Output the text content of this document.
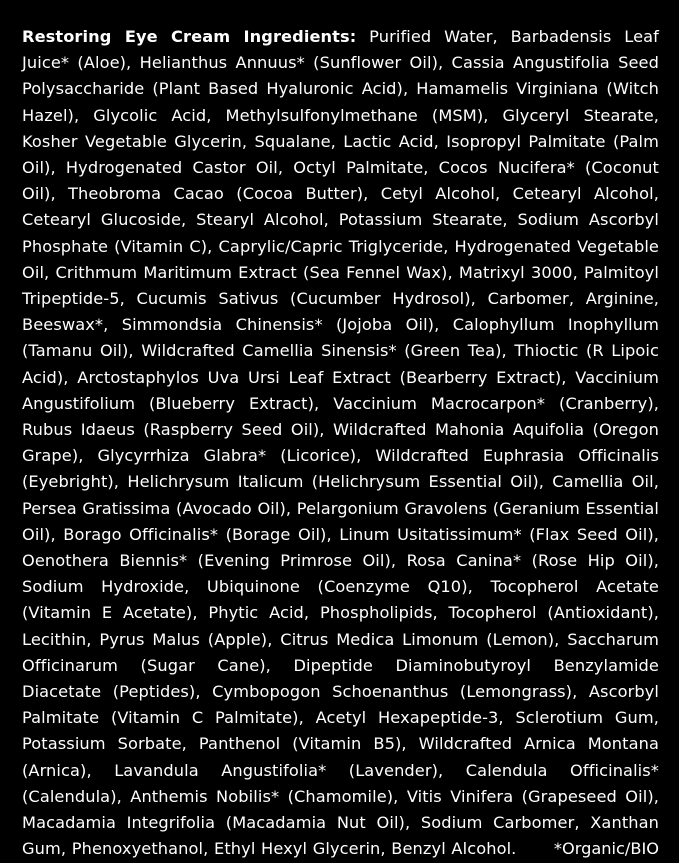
Restoring Eye Cream Ingredients: Purified Water, Barbadensis Leaf Juice* (Aloe), Helianthus Annuus* (Sunflower Oil), Cassia Angustifolia Seed Polysaccharide (Plant Based Hyaluronic Acid), Hamamelis Virginiana (Witch Hazel), Glycolic Acid, Methylsulfonylmethane (MSM), Glyceryl Stearate, Kosher Vegetable Glycerin, Squalane, Lactic Acid, Isopropyl Palmitate (Palm Oil), Hydrogenated Castor Oil, Octyl Palmitate, Cocos Nucifera* (Coconut Oil), Theobroma Cacao (Cocoa Butter), Cetyl Alcohol, Cetearyl Alcohol, Cetearyl Glucoside, Stearyl Alcohol, Potassium Stearate, Sodium Ascorbyl Phosphate (Vitamin C), Caprylic/Capric Triglyceride, Hydrogenated Vegetable Oil, Crithmum Maritimum Extract (Sea Fennel Wax), Matrixyl 3000, Palmitoyl Tripeptide-5, Cucumis Sativus (Cucumber Hydrosol), Carbomer, Arginine, Beeswax*, Simmondsia Chinensis* (Jojoba Oil), Calophyllum Inophyllum (Tamanu Oil), Wildcrafted Camellia Sinensis* (Green Tea), Thioctic (R Lipoic Acid), Arctostaphylos Uva Ursi Leaf Extract (Bearberry Extract), Vaccinium Angustifolium (Blueberry Extract), Vaccinium Macrocarpon* (Cranberry), Rubus Idaeus (Raspberry Seed Oil), Wildcrafted Mahonia Aquifolia (Oregon Grape), Glycyrrhiza Glabra* (Licorice), Wildcrafted Euphrasia Officinalis (Eyebright), Helichrysum Italicum (Helichrysum Essential Oil), Camellia Oil, Persea Gratissima (Avocado Oil), Pelargonium Gravolens (Geranium Essential Oil), Borago Officinalis* (Borage Oil), Linum Usitatissimum* (Flax Seed Oil), Oenothera Biennis* (Evening Primrose Oil), Rosa Canina* (Rose Hip Oil), Sodium Hydroxide, Ubiquinone (Coenzyme Q10), Tocopherol Acetate (Vitamin E Acetate), Phytic Acid, Phospholipids, Tocopherol (Antioxidant), Lecithin, Pyrus Malus (Apple), Citrus Medica Limonum (Lemon), Saccharum Officinarum (Sugar Cane), Dipeptide Diaminobutyroyl Benzylamide Diacetate (Peptides), Cymbopogon Schoenanthus (Lemongrass), Ascorbyl Palmitate (Vitamin C Palmitate), Acetyl Hexapeptide-3, Sclerotium Gum, Potassium Sorbate, Panthenol (Vitamin B5), Wildcrafted Arnica Montana (Arnica), Lavandula Angustifolia* (Lavender), Calendula Officinalis* (Calendula), Anthemis Nobilis* (Chamomile), Vitis Vinifera (Grapeseed Oil), Macadamia Integrifolia (Macadamia Nut Oil), Sodium Carbomer, Xanthan Gum, Phenoxyethanol, Ethyl Hexyl Glycerin, Benzyl Alcohol.	*Organic/BIO
